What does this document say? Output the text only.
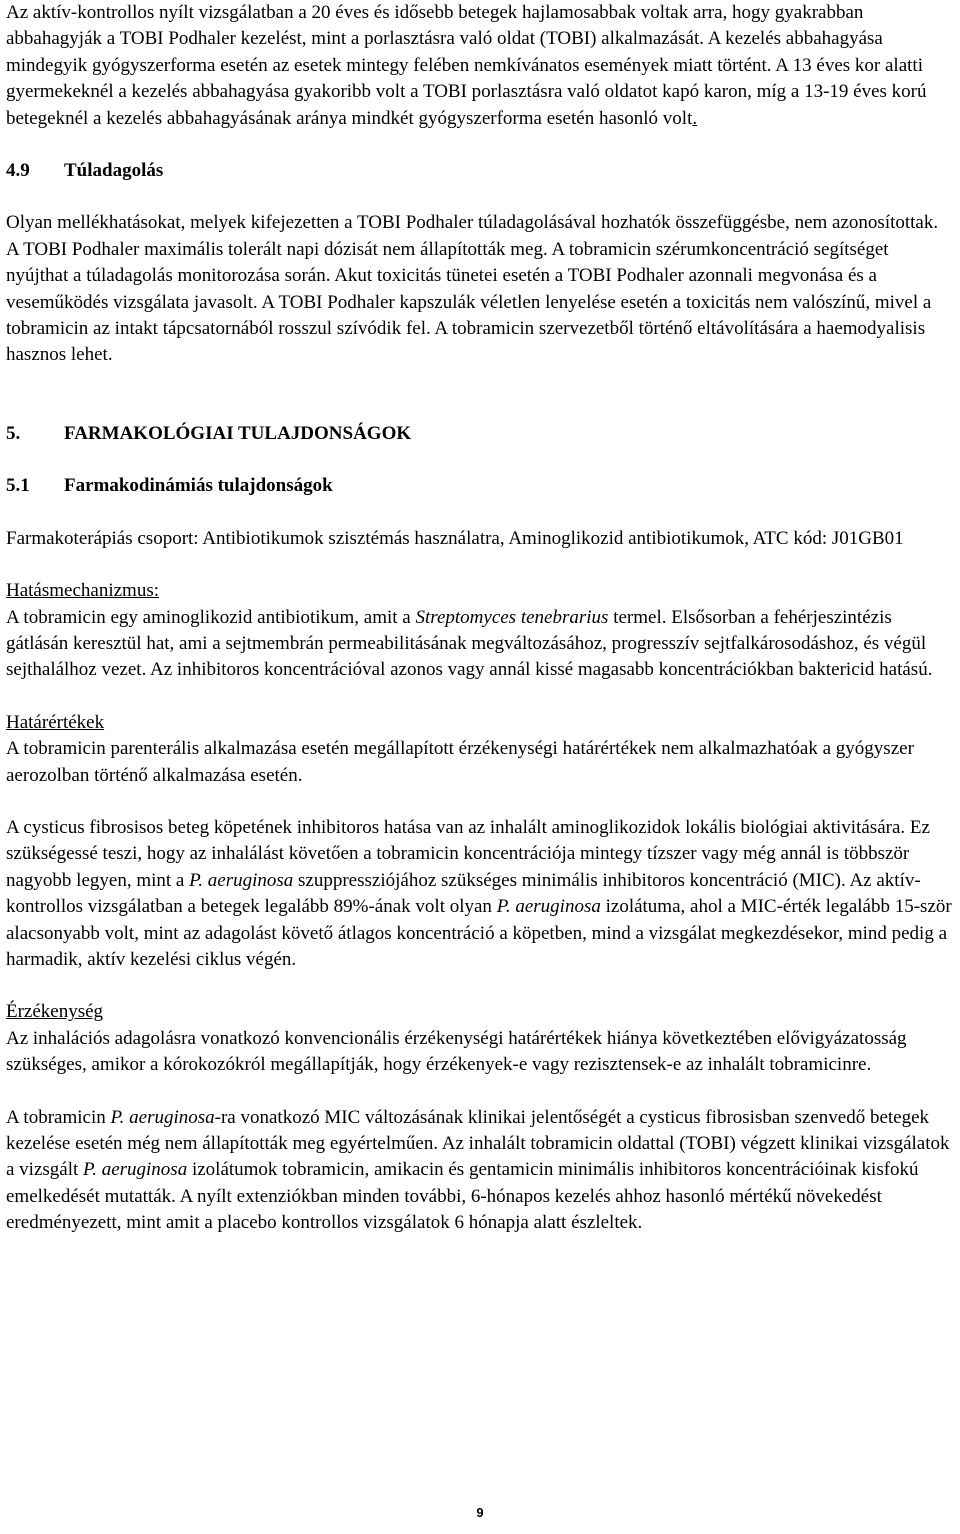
Az aktív-kontrollos nyílt vizsgálatban a 20 éves és idősebb betegek hajlamosabbak voltak arra, hogy gyakrabban abbahagyják a TOBI Podhaler kezelést, mint a porlasztásra való oldat (TOBI) alkalmazását. A kezelés abbahagyása mindegyik gyógyszerforma esetén az esetek mintegy felében nemkívánatos események miatt történt. A 13 éves kor alatti gyermekeknél a kezelés abbahagyása gyakoribb volt a TOBI porlasztásra való oldatot kapó karon, míg a 13-19 éves korú betegeknél a kezelés abbahagyásának aránya mindkét gyógyszerforma esetén hasonló volt.

4.9	Túladagolás

Olyan mellékhatásokat, melyek kifejezetten a TOBI Podhaler túladagolásával hozhatók összefüggésbe, nem azonosítottak. A TOBI Podhaler maximális tolerált napi dózisát nem állapították meg. A tobramicin szérumkoncentráció segítséget nyújthat a túladagolás monitorozása során. Akut toxicitás tünetei esetén a TOBI Podhaler azonnali megvonása és a veseműködés vizsgálata javasolt. A TOBI Podhaler kapszulák véletlen lenyelése esetén a toxicitás nem valószínű, mivel a tobramicin az intakt tápcsatornából rosszul szívódik fel. A tobramicin szervezetből történő eltávolítására a haemodyalisis hasznos lehet.

5.	FARMAKOLÓGIAI TULAJDONSÁGOK

5.1	Farmakodinámiás tulajdonságok

Farmakoterápiás csoport: Antibiotikumok szisztémás használatra, Aminoglikozid antibiotikumok, ATC kód: J01GB01

Hatásmechanizmus:

A tobramicin egy aminoglikozid antibiotikum, amit a Streptomyces tenebrarius termel. Elsősorban a fehérjeszintézis gátlásán keresztül hat, ami a sejtmembrán permeabilitásának megváltozásához, progresszív sejtfalkárosodáshoz, és végül sejthalálhoz vezet. Az inhibitoros koncentrációval azonos vagy annál kissé magasabb koncentrációkban baktericid hatású.

Határértékek

A tobramicin parenterális alkalmazása esetén megállapított érzékenységi határértékek nem alkalmazhatóak a gyógyszer aerozolban történő alkalmazása esetén.

A cysticus fibrosisos beteg köpetének inhibitoros hatása van az inhalált aminoglikozidok lokális biológiai aktivitására. Ez szükségessé teszi, hogy az inhalálást követően a tobramicin koncentrációja mintegy tízszer vagy még annál is többször nagyobb legyen, mint a P. aeruginosa szuppressziójához szükséges minimális inhibitoros koncentráció (MIC). Az aktív-kontrollos vizsgálatban a betegek legalább 89%-ának volt olyan P. aeruginosa izolátuma, ahol a MIC-érték legalább 15-ször alacsonyabb volt, mint az adagolást követő átlagos koncentráció a köpetben, mind a vizsgálat megkezdésekor, mind pedig a harmadik, aktív kezelési ciklus végén.

Érzékenység

Az inhalációs adagolásra vonatkozó konvencionális érzékenységi határértékek hiánya következtében elővigyázatosság szükséges, amikor a kórokozókról megállapítják, hogy érzékenyek-e vagy rezisztensek-e az inhalált tobramicinre.

A tobramicin P. aeruginosa-ra vonatkozó MIC változásának klinikai jelentőségét a cysticus fibrosisban szenvedő betegek kezelése esetén még nem állapították meg egyértelműen. Az inhalált tobramicin oldattal (TOBI) végzett klinikai vizsgálatok a vizsgált P. aeruginosa izolátumok tobramicin, amikacin és gentamicin minimális inhibitoros koncentrációinak kisfokú emelkedését mutatták. A nyílt extenziókban minden további, 6-hónapos kezelés ahhoz hasonló mértékű növekedést eredményezett, mint amit a placebo kontrollos vizsgálatok 6 hónapja alatt észleltek.

9
